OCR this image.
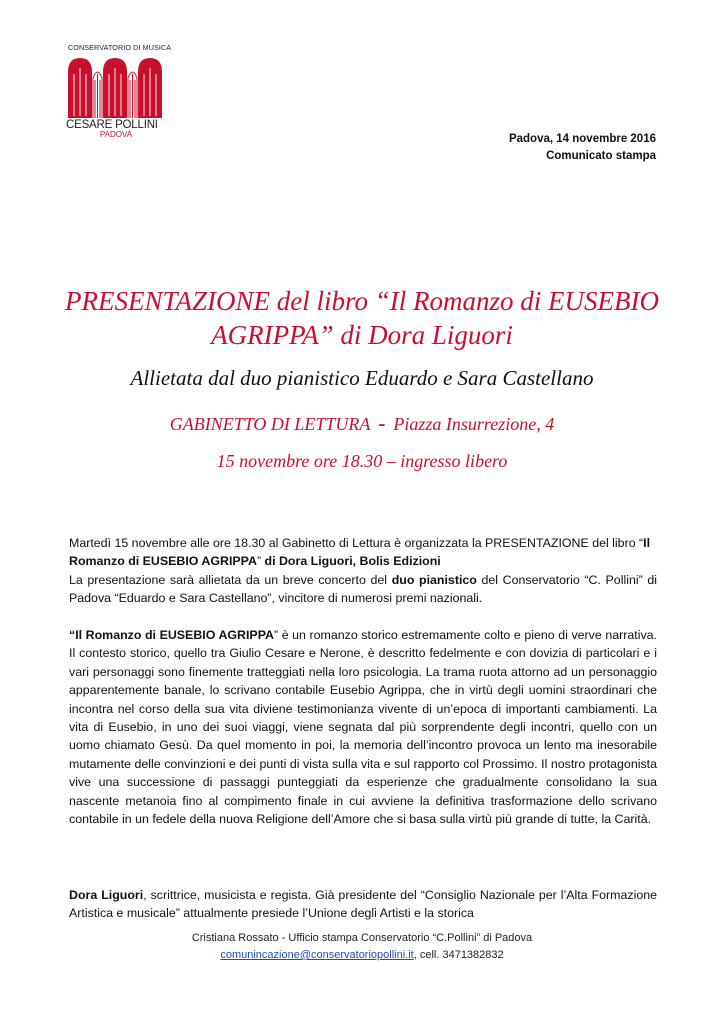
CONSERVATORIO DI MUSICA
CESARE POLLINI
PADOVA	Padova, 14 novembre 2016
Comunicato stampa
PRESENTAZIONE del libro “Il Romanzo di EUSEBIO
AGRIPPA” di Dora Liguori
Allietata dal duo pianistico Eduardo e Sara Castellano
GABINETTO DI LETTURA - Piazza Insurrezione, 4
15 novembre ore 18.30 – ingresso libero

Martedì 15 novembre alle ore 18.30 al Gabinetto di Lettura è organizzata la PRESENTAZIONE del libro “Il Romanzo di EUSEBIO AGRIPPA” di Dora Liguori, Bolis Edizioni

La presentazione sarà allietata da un breve concerto del duo pianistico del Conservatorio “C. Pollini” di Padova “Eduardo e Sara Castellano”, vincitore di numerosi premi nazionali.

“Il Romanzo di EUSEBIO AGRIPPA” è un romanzo storico estremamente colto e pieno di verve narrativa. Il contesto storico, quello tra Giulio Cesare e Nerone, è descritto fedelmente e con dovizia di particolari e i vari personaggi sono finemente tratteggiati nella loro psicologia. La trama ruota attorno ad un personaggio apparentemente banale, lo scrivano contabile Eusebio Agrippa, che in virtù degli uomini straordinari che incontra nel corso della sua vita diviene testimonianza vivente di un’epoca di importanti cambiamenti. La vita di Eusebio, in uno dei suoi viaggi, viene segnata dal più sorprendente degli incontri, quello con un uomo chiamato Gesù. Da quel momento in poi, la memoria dell’incontro provoca un lento ma inesorabile mutamente delle convinzioni e dei punti di vista sulla vita e sul rapporto col Prossimo. Il nostro protagonista vive una successione di passaggi punteggiati da esperienze che gradualmente consolidano la sua nascente metanoia fino al compimento finale in cui avviene la definitiva trasformazione dello scrivano contabile in un fedele della nuova Religione dell’Amore che si basa sulla virtù più grande di tutte, la Carità.

Dora Liguori, scrittrice, musicista e regista. Già presidente del “Consiglio Nazionale per l’Alta Formazione Artistica e musicale” attualmente presiede l’Unione degli Artisti e la storica

Cristiana Rossato - Ufficio stampa Conservatorio “C.Pollini” di Padova
comunincazione@conservatoriopollini.it, cell. 3471382832
